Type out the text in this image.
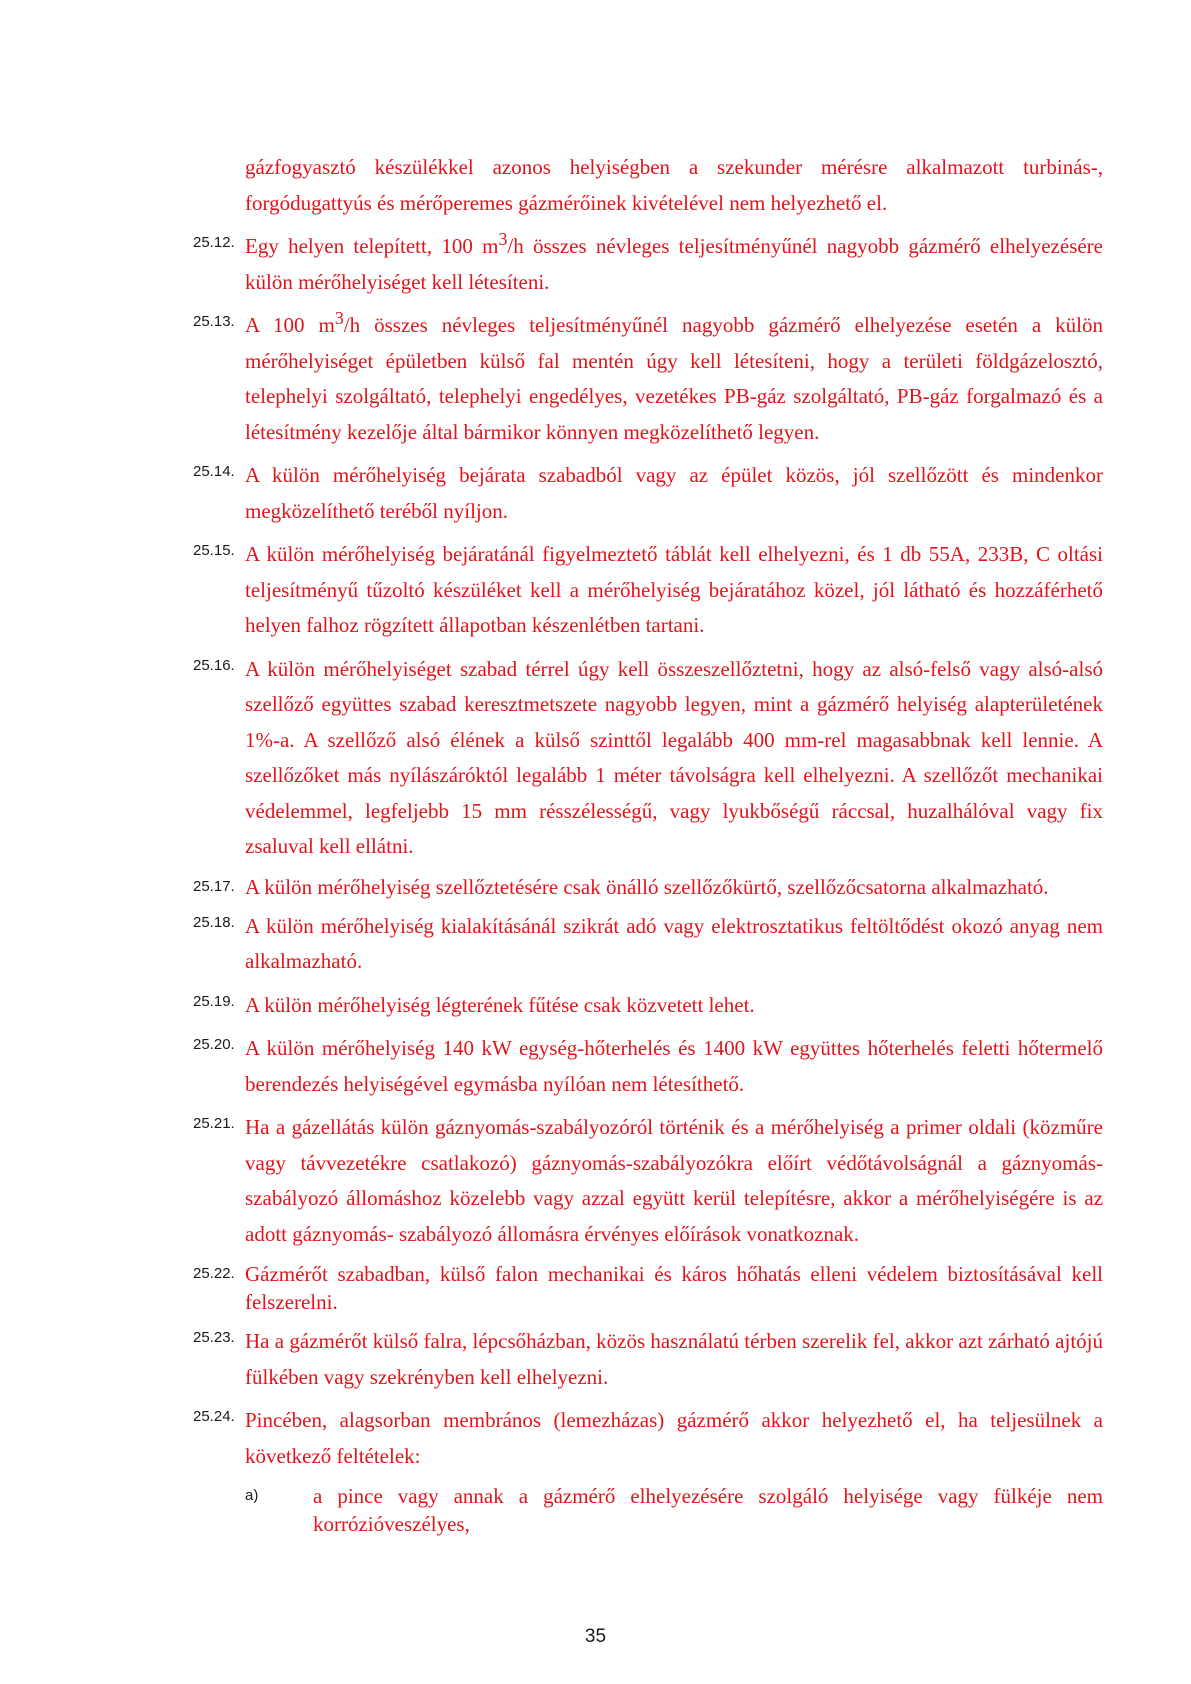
gázfogyasztó készülékkel azonos helyiségben a szekunder mérésre alkalmazott turbinás-, forgódugattyús és mérőperemes gázmérőinek kivételével nem helyezhető el.
25.12. Egy helyen telepített, 100 $m^3/h$ összes névleges teljesítményűnél nagyobb gázmérő elhelyezésére külön mérőhelyiséget kell létesíteni.
25.13. A 100 $m^3/h$ összes névleges teljesítményűnél nagyobb gázmérő elhelyezése esetén a külön mérőhelyiséget épületben külső fal mentén úgy kell létesíteni, hogy a területi földgázelosztó, telephelyi szolgáltató, telephelyi engedélyes, vezetékes PB-gáz szolgáltató, PB-gáz forgalmazó és a létesítmény kezelője által bármikor könnyen megközelíthető legyen.
25.14. A külön mérőhelyiség bejárata szabadból vagy az épület közös, jól szellőzött és mindenkor megközelíthető teréből nyíljon.
25.15. A külön mérőhelyiség bejáratánál figyelmeztető táblát kell elhelyezni, és 1 db 55A, 233B, C oltási teljesítményű tűzoltó készüléket kell a mérőhelyiség bejáratához közel, jól látható és hozzáférhető helyen falhoz rögzített állapotban készenlétben tartani.
25.16. A külön mérőhelyiséget szabad térrel úgy kell összeszellőztetni, hogy az alsó-felső vagy alsó-alsó szellőző együttes szabad keresztmetszete nagyobb legyen, mint a gázmérő helyiség alapterületének 1%-a. A szellőző alsó élének a külső szinttől legalább 400 mm-rel magasabbnak kell lennie. A szellőzőket más nyílászáróktól legalább 1 méter távolságra kell elhelyezni. A szellőzőt mechanikai védelemmel, legfeljebb 15 mm résszélességű, vagy lyukbőségű ráccsal, huzalhálóval vagy fix zsaluval kell ellátni.
25.17. A külön mérőhelyiség szellőztetésére csak önálló szellőzőkürtő, szellőzőcsatorna alkalmazható.
25.18. A külön mérőhelyiség kialakításánál szikrát adó vagy elektrosztatikus feltöltődést okozó anyag nem alkalmazható.
25.19. A külön mérőhelyiség légterének fűtése csak közvetett lehet.
25.20. A külön mérőhelyiség 140 kW egység-hőterhelés és 1400 kW együttes hőterhelés feletti hőtermelő berendezés helyiségével egymásba nyílóan nem létesíthető.
25.21. Ha a gázellátás külön gáznyomás-szabályozóról történik és a mérőhelyiség a primer oldali (közműre vagy távvezetékre csatlakozó) gáznyomás-szabályozókra előírt védőtávolságnál a gáznyomás-szabályozó állomáshoz közelebb vagy azzal együtt kerül telepítésre, akkor a mérőhelyiségére is az adott gáznyomás- szabályozó állomásra érvényes előírások vonatkoznak.
25.22. Gázmérőt szabadban, külső falon mechanikai és káros hőhatás elleni védelem biztosításával kell felszerelni.
25.23. Ha a gázmérőt külső falra, lépcsőházban, közös használatú térben szerelik fel, akkor azt zárható ajtójú fülkében vagy szekrényben kell elhelyezni.
25.24. Pincében, alagsorban membrános (lemezházas) gázmérő akkor helyezhető el, ha teljesülnek a következő feltételek:
a)	a pince vagy annak a gázmérő elhelyezésére szolgáló helyisége vagy fülkéje nem korrózióveszélyes,
35
